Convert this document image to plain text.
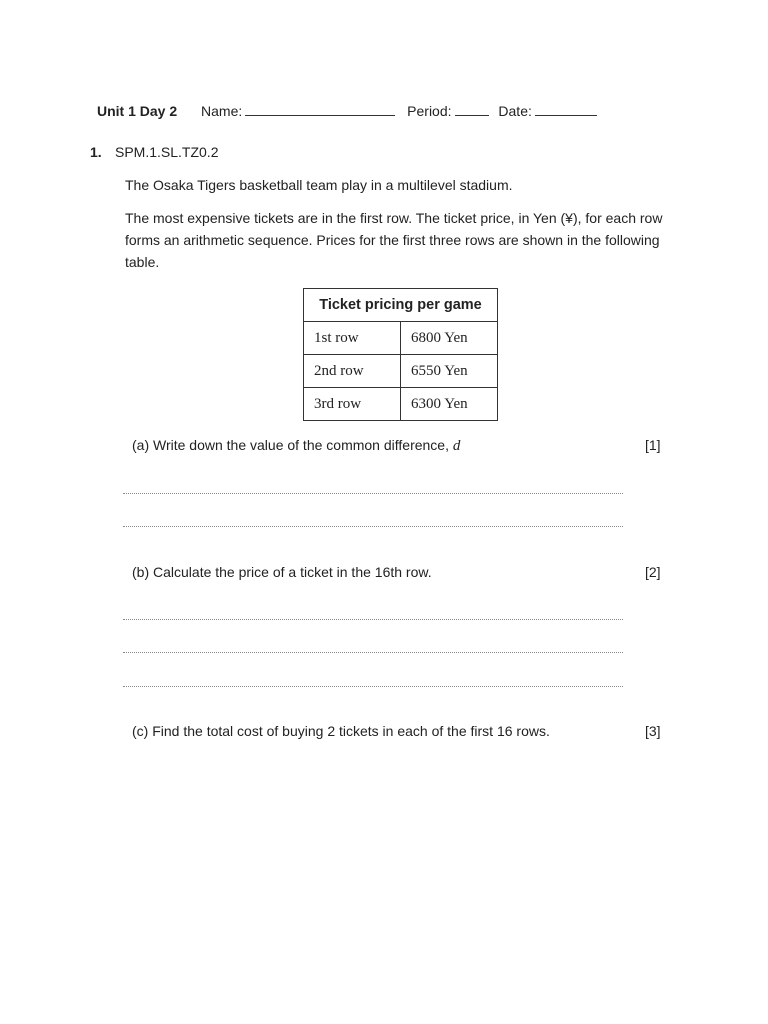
Unit 1 Day 2 Name:	Period:	Date:
1. SPM.1.SL.TZ0.2
The Osaka Tigers basketball team play in a multilevel stadium.
The most expensive tickets are in the first row. The ticket price, in Yen (¥), for each row forms an arithmetic sequence. Prices for the first three rows are shown in the following table.
Ticket pricing per game	
1st row	6800 Yen
2nd row	6550 Yen
3rd row	6300 Yen
(a) Write down the value of the common difference, d	[1]
(b) Calculate the price of a ticket in the 16th row.	[2]
(c) Find the total cost of buying 2 tickets in each of the first 16 rows.	[3]
